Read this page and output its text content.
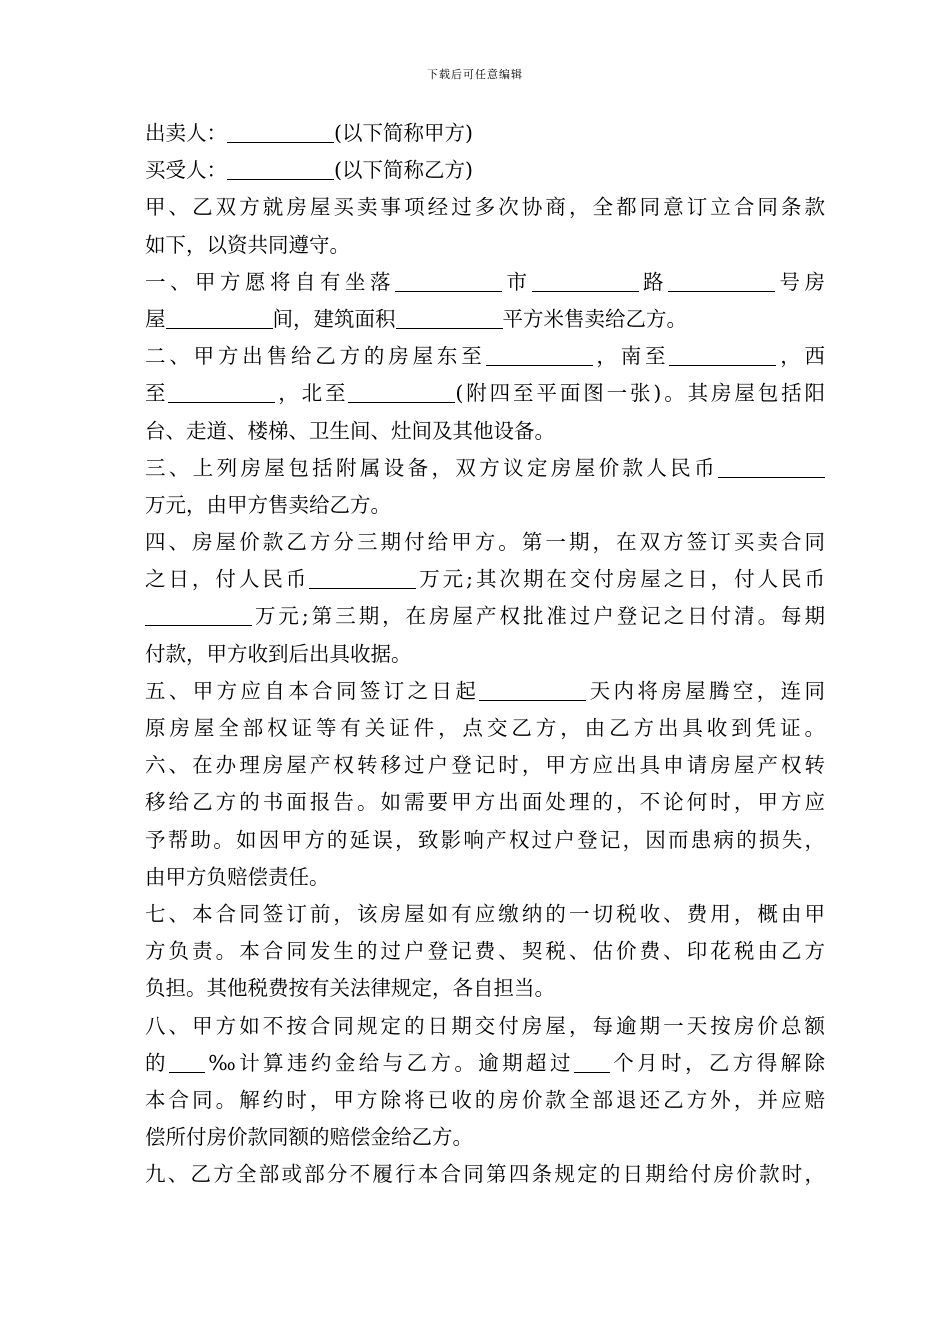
下载后可任意编辑
出卖人：	(以下简称甲方)
买受人：	(以下简称乙方)
甲、乙双方就房屋买卖事项经过多次协商，全都同意订立合同条款
如下，以资共同遵守。
一、甲方愿将自有坐落	市	路	号房
屋	间，建筑面积	平方米售卖给乙方。
二、甲方出售给乙方的房屋东至	，南至	，西
至	，北至	(附四至平面图一张)。其房屋包括阳
台、走道、楼梯、卫生间、灶间及其他设备。
三、上列房屋包括附属设备，双方议定房屋价款人民币
万元，由甲方售卖给乙方。
四、房屋价款乙方分三期付给甲方。第一期，在双方签订买卖合同
之日，付人民币	万元;其次期在交付房屋之日，付人民币
万元;第三期，在房屋产权批准过户登记之日付清。每期
付款，甲方收到后出具收据。
五、甲方应自本合同签订之日起	天内将房屋腾空，连同
原房屋全部权证等有关证件，点交乙方，由乙方出具收到凭证。
六、在办理房屋产权转移过户登记时，甲方应出具申请房屋产权转
移给乙方的书面报告。如需要甲方出面处理的，不论何时，甲方应
予帮助。如因甲方的延误，致影响产权过户登记，因而患病的损失，
由甲方负赔偿责任。
七、本合同签订前，该房屋如有应缴纳的一切税收、费用，概由甲
方负责。本合同发生的过户登记费、契税、估价费、印花税由乙方
负担。其他税费按有关法律规定，各自担当。
八、甲方如不按合同规定的日期交付房屋，每逾期一天按房价总额
的 ‰计算违约金给与乙方。逾期超过 个月时，乙方得解除
本合同。解约时，甲方除将已收的房价款全部退还乙方外，并应赔
偿所付房价款同额的赔偿金给乙方。
九、乙方全部或部分不履行本合同第四条规定的日期给付房价款时，
